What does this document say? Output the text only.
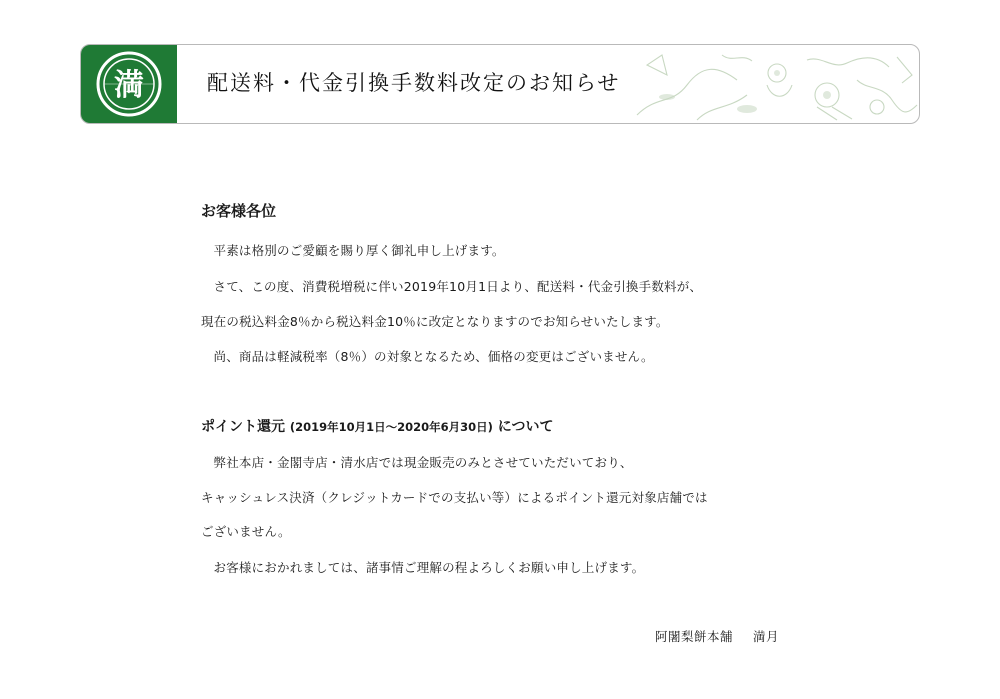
満	配送料・代金引換手数料改定のお知らせ
お客様各位
平素は格別のご愛顧を賜り厚く御礼申し上げます。
さて、この度、消費税増税に伴い2019年10月1日より、配送料・代金引換手数料が、
現在の税込料金8％から税込料金10％に改定となりますのでお知らせいたします。
尚、商品は軽減税率（8％）の対象となるため、価格の変更はございません。
ポイント還元 (2019年10月1日～2020年6月30日) について
弊社本店・金閣寺店・清水店では現金販売のみとさせていただいており、
キャッシュレス決済（クレジットカードでの支払い等）によるポイント還元対象店舗では
ございません。
お客様におかれましては、諸事情ご理解の程よろしくお願い申し上げます。
阿闍梨餅本舗 満月
